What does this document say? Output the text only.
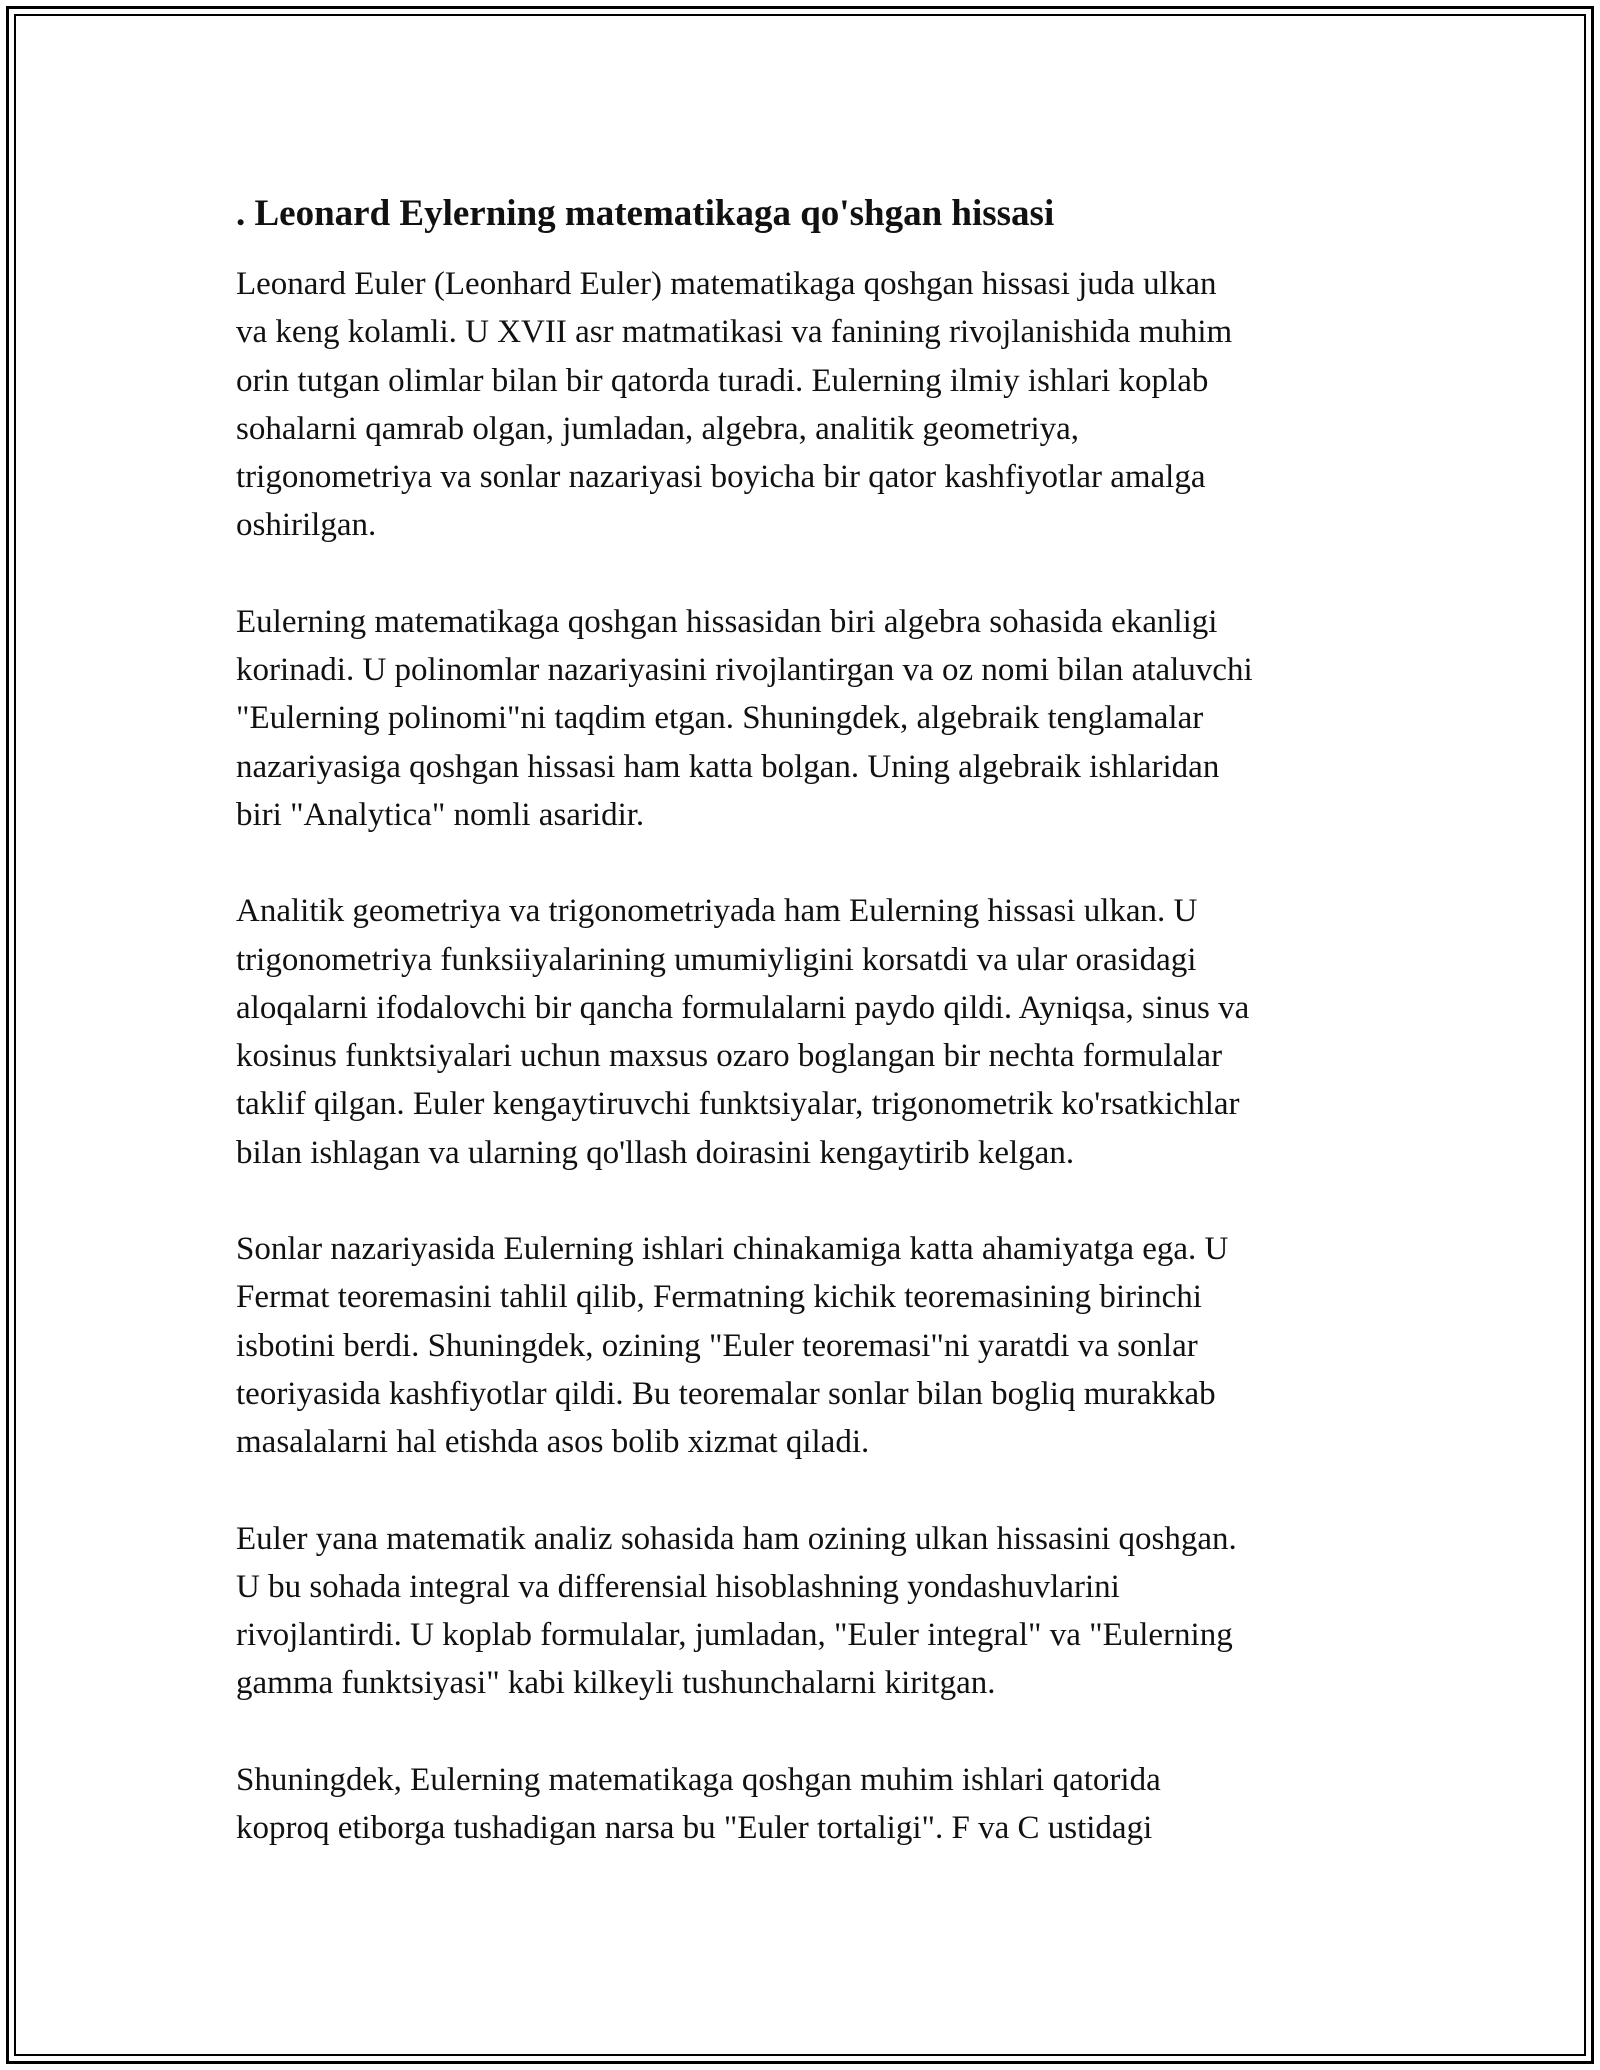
. Leonard Eylerning matematikaga qo'shgan hissasi
Leonard Euler (Leonhard Euler) matematikaga qoshgan hissasi juda ulkan
va keng kolamli. U XVII asr matmatikasi va fanining rivojlanishida muhim
orin tutgan olimlar bilan bir qatorda turadi. Eulerning ilmiy ishlari koplab
sohalarni qamrab olgan, jumladan, algebra, analitik geometriya,
trigonometriya va sonlar nazariyasi boyicha bir qator kashfiyotlar amalga
oshirilgan.
Eulerning matematikaga qoshgan hissasidan biri algebra sohasida ekanligi
korinadi. U polinomlar nazariyasini rivojlantirgan va oz nomi bilan ataluvchi
"Eulerning polinomi"ni taqdim etgan. Shuningdek, algebraik tenglamalar
nazariyasiga qoshgan hissasi ham katta bolgan. Uning algebraik ishlaridan
biri "Analytica" nomli asaridir.
Analitik geometriya va trigonometriyada ham Eulerning hissasi ulkan. U
trigonometriya funksiiyalarining umumiyligini korsatdi va ular orasidagi
aloqalarni ifodalovchi bir qancha formulalarni paydo qildi. Ayniqsa, sinus va
kosinus funktsiyalari uchun maxsus ozaro boglangan bir nechta formulalar
taklif qilgan. Euler kengaytiruvchi funktsiyalar, trigonometrik ko'rsatkichlar
bilan ishlagan va ularning qo'llash doirasini kengaytirib kelgan.
Sonlar nazariyasida Eulerning ishlari chinakamiga katta ahamiyatga ega. U
Fermat teoremasini tahlil qilib, Fermatning kichik teoremasining birinchi
isbotini berdi. Shuningdek, ozining "Euler teoremasi"ni yaratdi va sonlar
teoriyasida kashfiyotlar qildi. Bu teoremalar sonlar bilan bogliq murakkab
masalalarni hal etishda asos bolib xizmat qiladi.
Euler yana matematik analiz sohasida ham ozining ulkan hissasini qoshgan.
U bu sohada integral va differensial hisoblashning yondashuvlarini
rivojlantirdi. U koplab formulalar, jumladan, "Euler integral" va "Eulerning
gamma funktsiyasi" kabi kilkeyli tushunchalarni kiritgan.
Shuningdek, Eulerning matematikaga qoshgan muhim ishlari qatorida
koproq etiborga tushadigan narsa bu "Euler tortaligi". F va C ustidagi
